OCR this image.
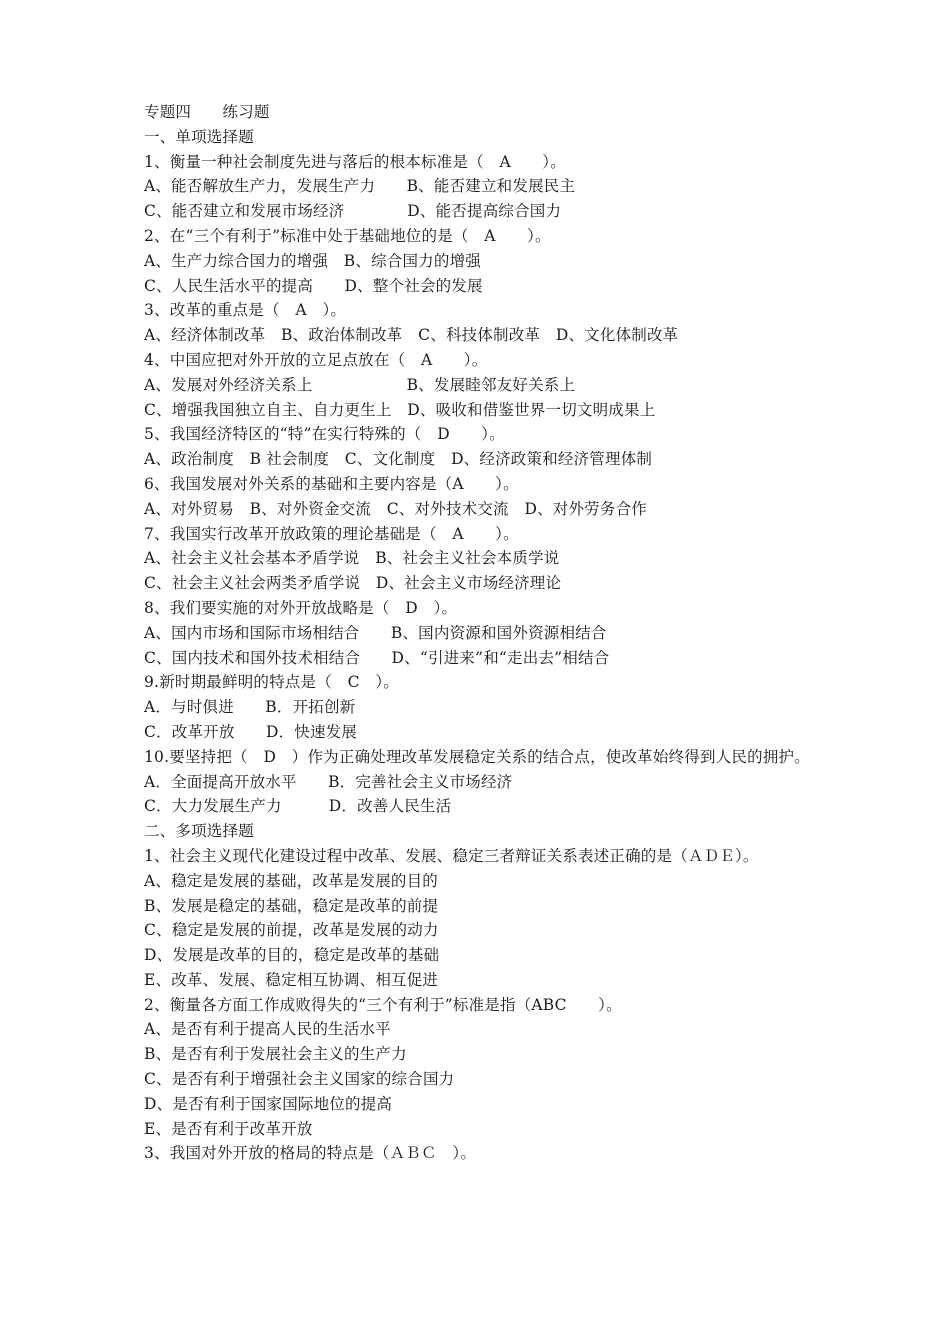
专题四　　练习题
一、单项选择题
1、衡量一种社会制度先进与落后的根本标准是（　A　　）。
A、能否解放生产力，发展生产力　　B、能否建立和发展民主
C、能否建立和发展市场经济　　　　D、能否提高综合国力
2、在“三个有利于”标准中处于基础地位的是（　A　　）。
A、生产力综合国力的增强　B、综合国力的增强
C、人民生活水平的提高　　D、整个社会的发展
3、改革的重点是（　A　）。
A、经济体制改革　B、政治体制改革　C、科技体制改革　D、文化体制改革
4、中国应把对外开放的立足点放在（　A　　）。
A、发展对外经济关系上　　　　　　B、发展睦邻友好关系上
C、增强我国独立自主、自力更生上　D、吸收和借鉴世界一切文明成果上
5、我国经济特区的“特”在实行特殊的（　D　　）。
A、政治制度　B 社会制度　C、文化制度　D、经济政策和经济管理体制
6、我国发展对外关系的基础和主要内容是（A　　）。
A、对外贸易　B、对外资金交流　C、对外技术交流　D、对外劳务合作
7、我国实行改革开放政策的理论基础是（　A　　）。
A、社会主义社会基本矛盾学说　B、社会主义社会本质学说
C、社会主义社会两类矛盾学说　D、社会主义市场经济理论
8、我们要实施的对外开放战略是（　D　）。
A、国内市场和国际市场相结合　　B、国内资源和国外资源相结合
C、国内技术和国外技术相结合　　D、“引进来”和“走出去”相结合
9.新时期最鲜明的特点是（　C　）。
A．与时俱进　　B．开拓创新
C．改革开放　　D．快速发展
10.要坚持把（　D　）作为正确处理改革发展稳定关系的结合点，使改革始终得到人民的拥护。
A．全面提高开放水平　　B．完善社会主义市场经济
C．大力发展生产力　　　D．改善人民生活
二、多项选择题
1、社会主义现代化建设过程中改革、发展、稳定三者辩证关系表述正确的是（ＡＤＥ）。
A、稳定是发展的基础，改革是发展的目的
B、发展是稳定的基础，稳定是改革的前提
C、稳定是发展的前提，改革是发展的动力
D、发展是改革的目的，稳定是改革的基础
E、改革、发展、稳定相互协调、相互促进
2、衡量各方面工作成败得失的“三个有利于”标准是指（ABC　　）。
A、是否有利于提高人民的生活水平
B、是否有利于发展社会主义的生产力
C、是否有利于增强社会主义国家的综合国力
D、是否有利于国家国际地位的提高
E、是否有利于改革开放
3、我国对外开放的格局的特点是（ＡＢＣ　）。
